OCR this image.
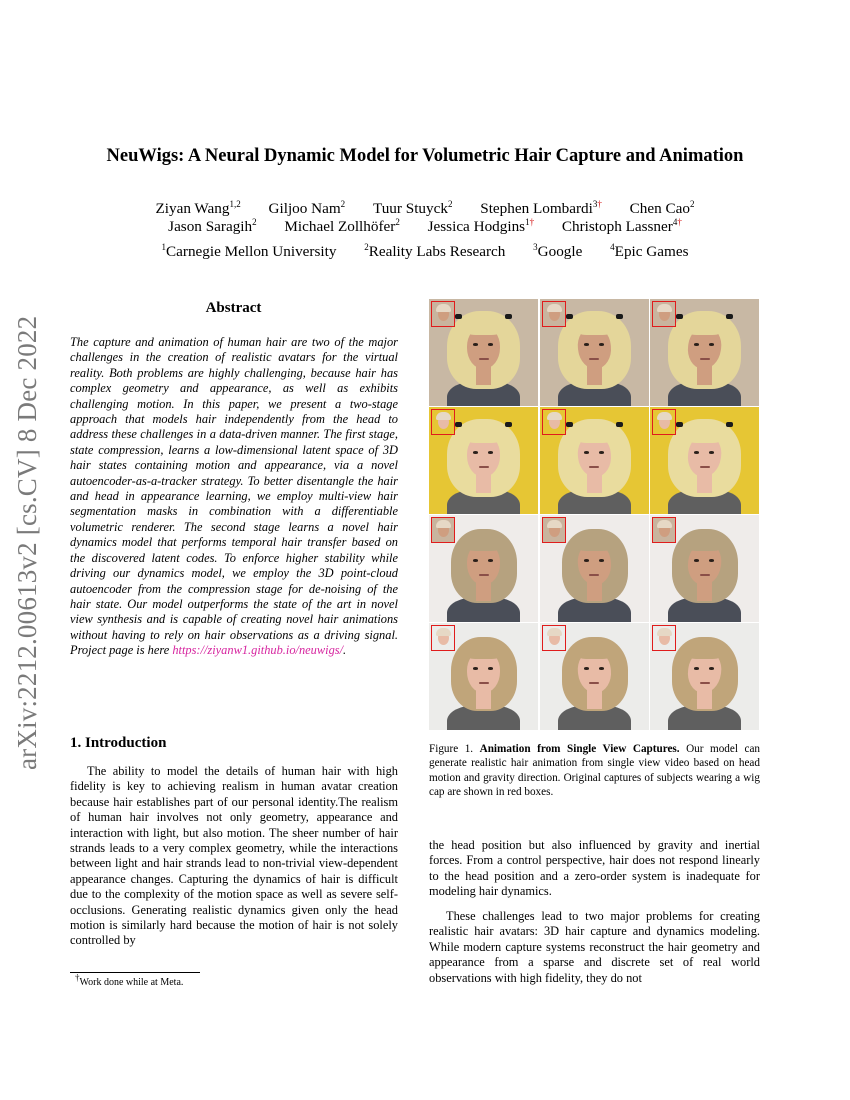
NeuWigs: A Neural Dynamic Model for Volumetric Hair Capture and Animation
Ziyan Wang$^{1,2}$ Giljoo Nam$^2$ Tuur Stuyck$^2$ Stephen Lombardi$^{3\dagger}$ Chen Cao$^2$
Jason Saragih$^2$ Michael Zollhöfer$^2$ Jessica Hodgins$^{1\dagger}$ Christoph Lassner$^{4\dagger}$
$^1$Carnegie Mellon University	$^2$Reality Labs Research	$^3$Google	$^4$Epic Games
arXiv:2212.00613v2 [cs.CV] 8 Dec 2022
Abstract
The capture and animation of human hair are two of the major challenges in the creation of realistic avatars for the virtual reality. Both problems are highly challenging, because hair has complex geometry and appearance, as well as exhibits challenging motion. In this paper, we present a two-stage approach that models hair independently from the head to address these challenges in a data-driven manner. The first stage, state compression, learns a low-dimensional latent space of 3D hair states containing motion and appearance, via a novel autoencoder-as-a-tracker strategy. To better disentangle the hair and head in appearance learning, we employ multi-view hair segmentation masks in combination with a differentiable volumetric renderer. The second stage learns a novel hair dynamics model that performs temporal hair transfer based on the discovered latent codes. To enforce higher stability while driving our dynamics model, we employ the 3D point-cloud autoencoder from the compression stage for de-noising of the hair state. Our model outperforms the state of the art in novel view synthesis and is capable of creating novel hair animations without having to rely on hair observations as a driving signal. Project page is here https://ziyanw1.github.io/neuwigs/.
1. Introduction

The ability to model the details of human hair with high fidelity is key to achieving realism in human avatar creation because hair establishes part of our personal identity.The realism of human hair involves not only geometry, appearance and interaction with light, but also motion. The sheer number of hair strands leads to a very complex geometry, while the interactions between light and hair strands lead to non-trivial view-dependent appearance changes. Capturing the dynamics of hair is difficult due to the complexity of the motion space as well as severe self-occlusions. Generating realistic dynamics given only the head motion is similarly hard because the motion of hair is not solely controlled by

†Work done while at Meta.
Figure 1. Animation from Single View Captures. Our model can generate realistic hair animation from single view video based on head motion and gravity direction. Original captures of subjects wearing a wig cap are shown in red boxes.

the head position but also influenced by gravity and inertial forces. From a control perspective, hair does not respond linearly to the head position and a zero-order system is inadequate for modeling hair dynamics.

These challenges lead to two major problems for creating realistic hair avatars: 3D hair capture and dynamics modeling. While modern capture systems reconstruct the hair geometry and appearance from a sparse and discrete set of real world observations with high fidelity, they do not
